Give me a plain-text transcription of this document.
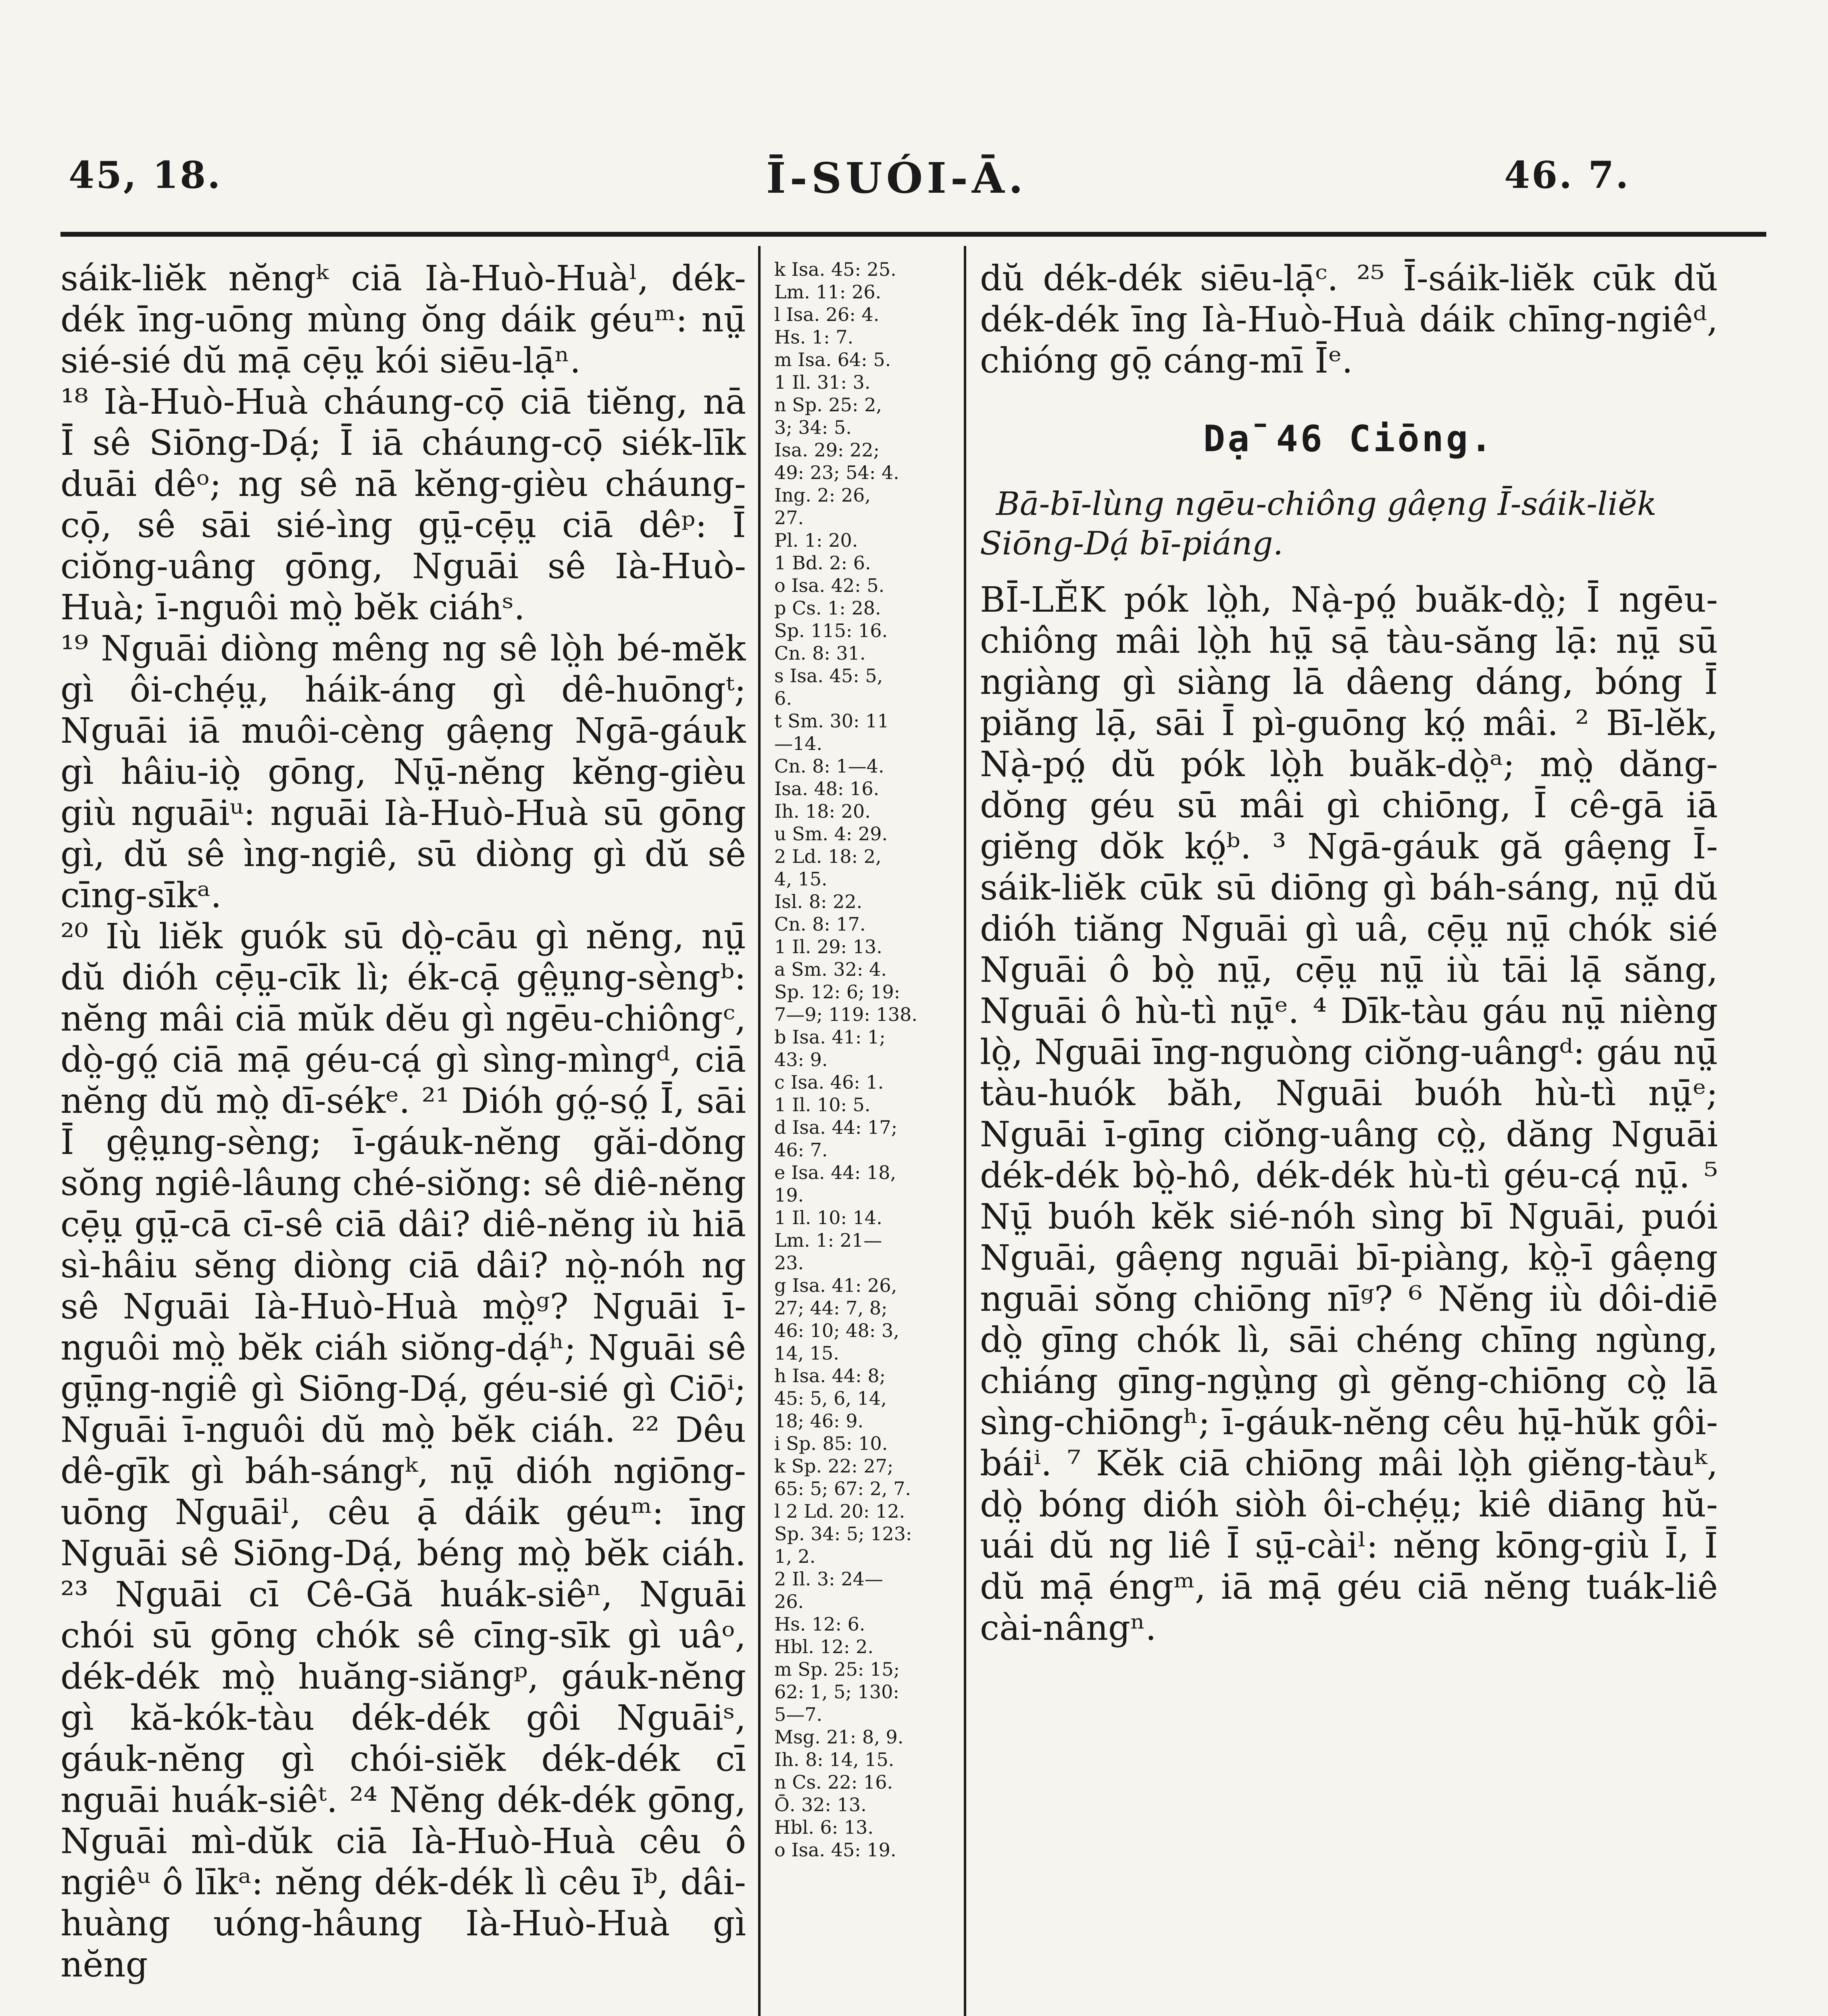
45, 18.	Ī-SUÓI-Ā.	46. 7.

sáik-liĕk nĕngᵏ ciā Ià-Huò-Huàˡ, dék-dék īng-uōng mùng ŏng dáik géuᵐ: nṳ̄ sié-sié dŭ mạ̄ cẹ̄ṳ kói siēu-lạ̄ⁿ.

¹⁸ Ià-Huò-Huà cháung-cọ̄ ciā tiĕng, nā Ī sê Siōng-Dạ́; Ī iā cháung-cọ̄ siék-līk duāi dêᵒ; ng sê nā kĕng-gièu cháung-cọ̄, sê sāi sié-ìng gṳ̄-cẹ̄ṳ ciā dêᵖ: Ī ciŏng-uâng gōng, Nguāi sê Ià-Huò-Huà; ī-nguôi mò̤ bĕk ciáhˢ.

¹⁹ Nguāi diòng mêng ng sê lò̤h bé-mĕk gì ôi-chẹ́ṳ, háik-áng gì dê-huōngᵗ; Nguāi iā muôi-cèng gâẹng Ngā-gáuk gì hâiu-iò̤ gōng, Nṳ̄-nĕng kĕng-gièu giù nguāiᵘ: nguāi Ià-Huò-Huà sū gōng gì, dŭ sê ìng-ngiê, sū diòng gì dŭ sê cīng-sīkᵃ.

²⁰ Iù liĕk guók sū dò̤-cāu gì nĕng, nṳ̄ dŭ dióh cẹ̄ṳ-cīk lì; ék-cạ̄ gê̤ṳng-sèngᵇ: nĕng mâi ciā mŭk dĕu gì ngēu-chiôngᶜ, dò̤-gó̤ ciā mạ̄ géu-cạ́ gì sìng-mìngᵈ, ciā nĕng dŭ mò̤ dī-sékᵉ. ²¹ Dióh gó̤-só̤ Ī, sāi Ī gê̤ṳng-sèng; ī-gáuk-nĕng găi-dŏng sŏng ngiê-lâung ché-siŏng: sê diê-nĕng cẹ̄ṳ gṳ̄-cā cī-sê ciā dâi? diê-nĕng iù hiā sì-hâiu sĕng diòng ciā dâi? nò̤-nóh ng sê Nguāi Ià-Huò-Huà mò̤ᵍ? Nguāi ī-nguôi mò̤ bĕk ciáh siŏng-dạ́ʰ; Nguāi sê gṳ̄ng-ngiê gì Siōng-Dạ́, géu-sié gì Ciōⁱ; Nguāi ī-nguôi dŭ mò̤ bĕk ciáh. ²² Dêu dê-gīk gì báh-sángᵏ, nṳ̄ dióh ngiōng-uōng Nguāiˡ, cêu ạ̄ dáik géuᵐ: īng Nguāi sê Siōng-Dạ́, béng mò̤ bĕk ciáh. ²³ Nguāi cī Cê-Gă huák-siêⁿ, Nguāi chói sū gōng chók sê cīng-sīk gì uâᵒ, dék-dék mò̤ huăng-siăngᵖ, gáuk-nĕng gì kă-kók-tàu dék-dék gôi Nguāiˢ, gáuk-nĕng gì chói-siĕk dék-dék cī nguāi huák-siêᵗ. ²⁴ Nĕng dék-dék gōng, Nguāi mì-dŭk ciā Ià-Huò-Huà cêu ô ngiêᵘ ô līkᵃ: nĕng dék-dék lì cêu īᵇ, dâi-huàng uóng-hâung Ià-Huò-Huà gì nĕng

k Isa. 45: 25.
Lm. 11: 26.
l Isa. 26: 4.
Hs. 1: 7.
m Isa. 64: 5.
1 Il. 31: 3.
n Sp. 25: 2,
3; 34: 5.
Isa. 29: 22;
49: 23; 54: 4.
Ing. 2: 26,
27.
Pl. 1: 20.
1 Bd. 2: 6.
o Isa. 42: 5.
p Cs. 1: 28.
Sp. 115: 16.
Cn. 8: 31.
s Isa. 45: 5,
6.
t Sm. 30: 11
—14.
Cn. 8: 1—4.
Isa. 48: 16.
Ih. 18: 20.
u Sm. 4: 29.
2 Ld. 18: 2,
4, 15.
Isl. 8: 22.
Cn. 8: 17.
1 Il. 29: 13.
a Sm. 32: 4.
Sp. 12: 6; 19:
7—9; 119: 138.
b Isa. 41: 1;
43: 9.
c Isa. 46: 1.
1 Il. 10: 5.
d Isa. 44: 17;
46: 7.
e Isa. 44: 18,
19.
1 Il. 10: 14.
Lm. 1: 21—
23.
g Isa. 41: 26,
27; 44: 7, 8;
46: 10; 48: 3,
14, 15.
h Isa. 44: 8;
45: 5, 6, 14,
18; 46: 9.
i Sp. 85: 10.
k Sp. 22: 27;
65: 5; 67: 2, 7.
l 2 Ld. 20: 12.
Sp. 34: 5; 123:
1, 2.
2 Il. 3: 24—
26.
Hs. 12: 6.
Hbl. 12: 2.
m Sp. 25: 15;
62: 1, 5; 130:
5—7.
Msg. 21: 8, 9.
Ih. 8: 14, 15.
n Cs. 22: 16.
Ō. 32: 13.
Hbl. 6: 13.
o Isa. 45: 19.

dŭ dék-dék siēu-lạ̄ᶜ. ²⁵ Ī-sáik-liĕk cūk dŭ dék-dék īng Ià-Huò-Huà dáik chīng-ngiêᵈ, chióng gō̤ cáng-mī Īᵉ.

Dạ̄ 46 Ciōng.
Bā-bī-lùng ngēu-chiông gâẹng Ī-sáik-liĕk Siōng-Dạ́ bī-piáng.

BĪ-LĔK pók lò̤h, Nạ̀-pó̤ buăk-dò̤; Ī ngēu-chiông mâi lò̤h hṳ̄ sạ̄ tàu-săng lạ̄: nṳ̄ sū ngiàng gì siàng lā dâeng dáng, bóng Ī piăng lạ̄, sāi Ī pì-guōng kó̤ mâi. ² Bī-lĕk, Nạ̀-pó̤ dŭ pók lò̤h buăk-dò̤ᵃ; mò̤ dăng-dŏng géu sū mâi gì chiōng, Ī cê-gā iā giĕng dŏk kó̤ᵇ. ³ Ngā-gáuk gă gâẹng Ī-sáik-liĕk cūk sū diōng gì báh-sáng, nṳ̄ dŭ dióh tiăng Nguāi gì uâ, cẹ̄ṳ nṳ̄ chók sié Nguāi ô bò̤ nṳ̄, cẹ̄ṳ nṳ̄ iù tāi lạ̄ săng, Nguāi ô hù-tì nṳ̄ᵉ. ⁴ Dīk-tàu gáu nṳ̄ nièng lò̤, Nguāi īng-nguòng ciŏng-uângᵈ: gáu nṳ̄ tàu-huók băh, Nguāi buóh hù-tì nṳ̄ᵉ; Nguāi ī-gīng ciŏng-uâng cò̤, dăng Nguāi dék-dék bò̤-hô, dék-dék hù-tì géu-cạ́ nṳ̄. ⁵ Nṳ̄ buóh kĕk sié-nóh sìng bī Nguāi, puói Nguāi, gâẹng nguāi bī-piàng, kò̤-ī gâẹng nguāi sŏng chiōng nīᵍ? ⁶ Nĕng iù dôi-diē dò̤ gīng chók lì, sāi chéng chīng ngùng, chiáng gīng-ngṳ̀ng gì gĕng-chiōng cò̤ lā sìng-chiōngʰ; ī-gáuk-nĕng cêu hṳ̄-hŭk gôi-báiⁱ. ⁷ Kĕk ciā chiōng mâi lò̤h giĕng-tàuᵏ, dò̤ bóng dióh siòh ôi-chẹ́ṳ; kiê diāng hŭ-uái dŭ ng liê Ī sṳ̄-càiˡ: nĕng kōng-giù Ī, Ī dŭ mạ̄ éngᵐ, iā mạ̄ géu ciā nĕng tuák-liê cài-nângⁿ.
